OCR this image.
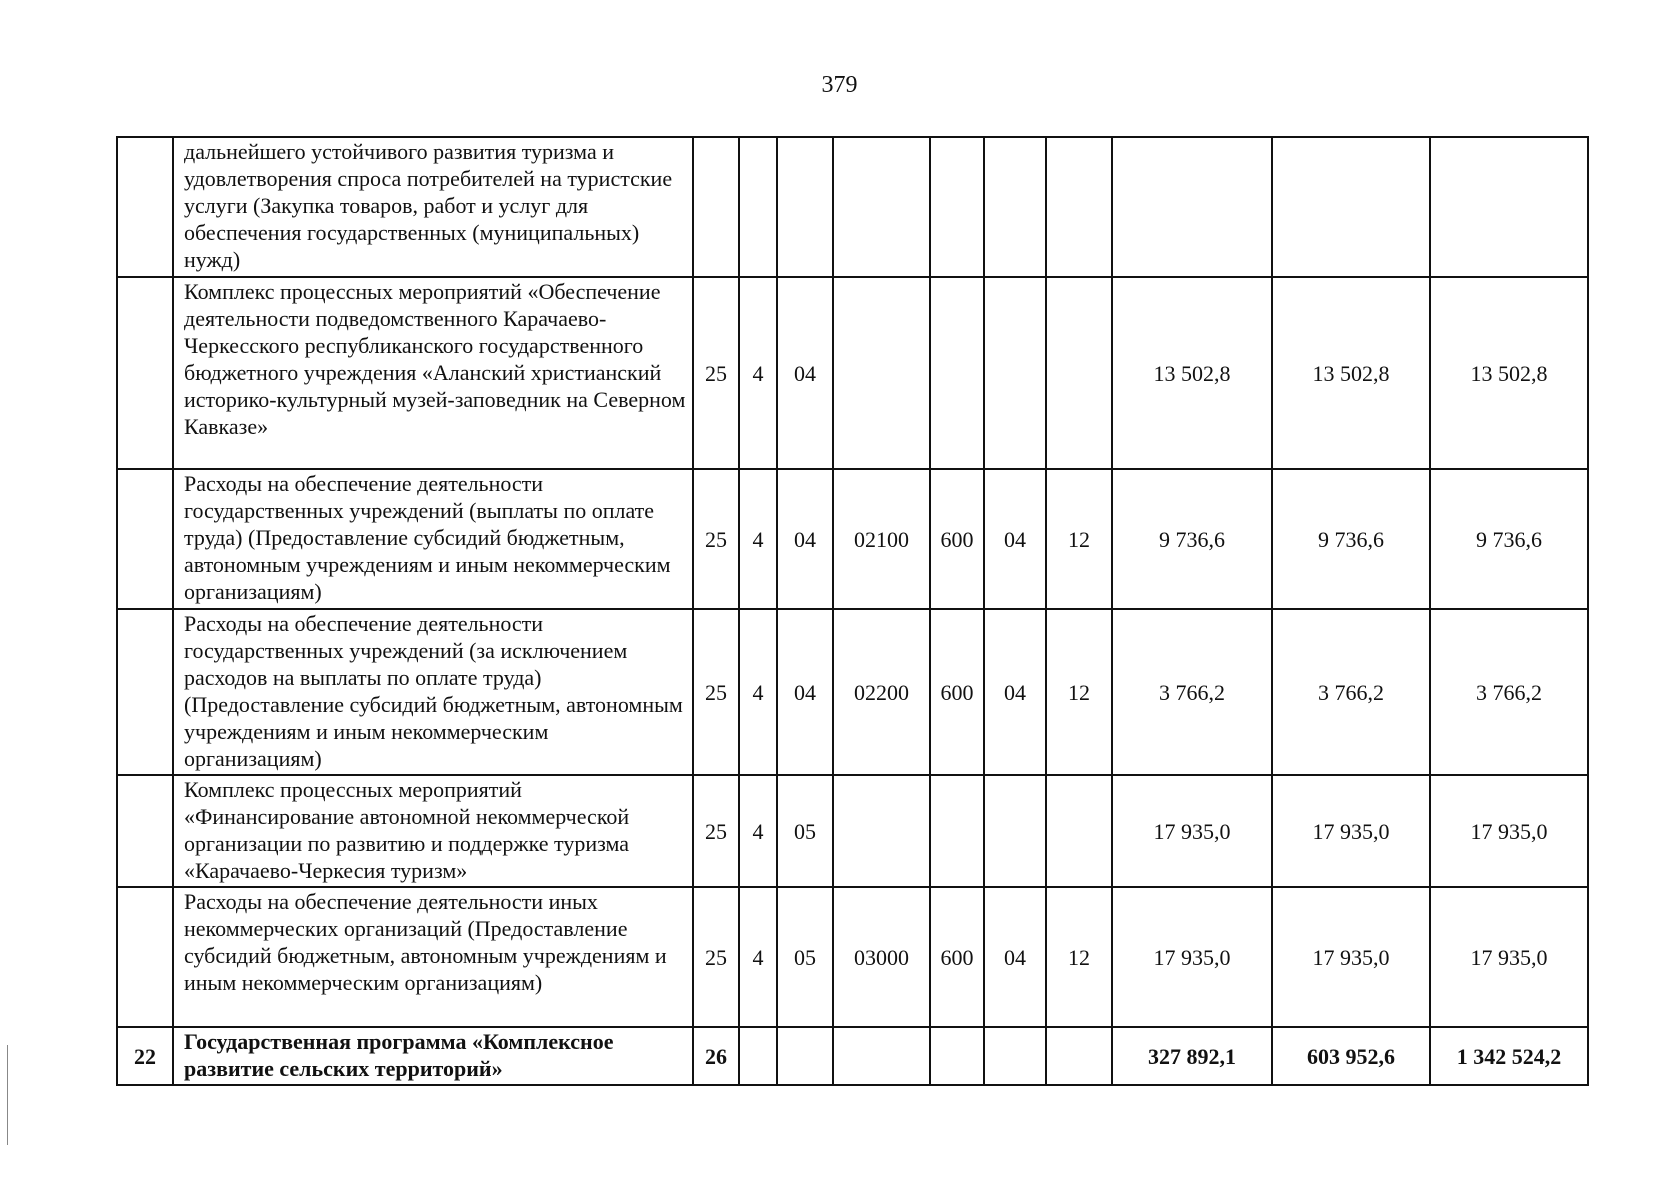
379
	дальнейшего устойчивого развития туризма и удовлетворения спроса потребителей на туристские услуги (Закупка товаров, работ и услуг для обеспечения государственных (муниципальных) нужд)										
	Комплекс процессных мероприятий «Обеспечение деятельности подведомственного Карачаево-Черкесского республиканского государственного бюджетного учреждения «Аланский христианский историко-культурный музей-заповедник на Северном Кавказе»	25	4	04					13 502,8	13 502,8	13 502,8
	Расходы на обеспечение деятельности государственных учреждений (выплаты по оплате труда) (Предоставление субсидий бюджетным, автономным учреждениям и иным некоммерческим организациям)	25	4	04	02100	600	04	12	9 736,6	9 736,6	9 736,6
	Расходы на обеспечение деятельности государственных учреждений (за исключением расходов на выплаты по оплате труда) (Предоставление субсидий бюджетным, автономным учреждениям и иным некоммерческим организациям)	25	4	04	02200	600	04	12	3 766,2	3 766,2	3 766,2
	Комплекс процессных мероприятий «Финансирование автономной некоммерческой организации по развитию и поддержке туризма «Карачаево-Черкесия туризм»	25	4	05					17 935,0	17 935,0	17 935,0
	Расходы на обеспечение деятельности иных некоммерческих организаций (Предоставление субсидий бюджетным, автономным учреждениям и иным некоммерческим организациям)	25	4	05	03000	600	04	12	17 935,0	17 935,0	17 935,0
22	Государственная программа «Комплексное развитие сельских территорий»	26							327 892,1	603 952,6	1 342 524,2
